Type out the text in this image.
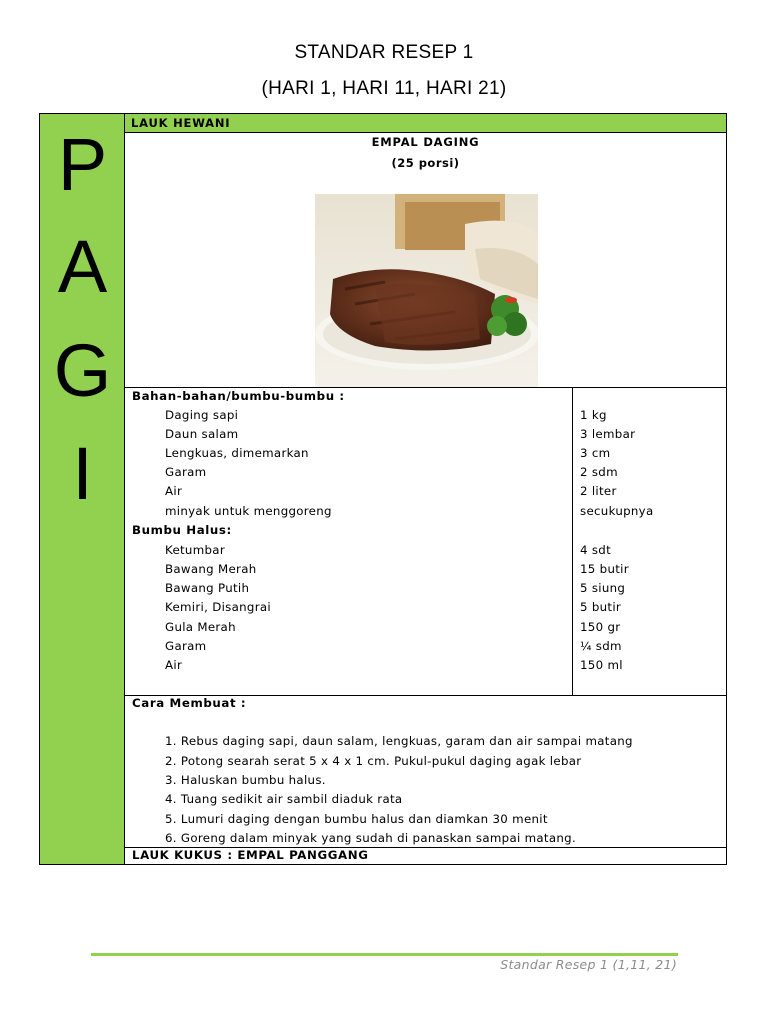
STANDAR RESEP 1
(HARI 1, HARI 11, HARI 21)
P
A
G
I
LAUK HEWANI
EMPAL DAGING
(25 porsi)
Bahan-bahan/bumbu-bumbu :
Daging sapi	1 kg
Daun salam	3 lembar
Lengkuas, dimemarkan	3 cm
Garam	2 sdm
Air	2 liter
minyak untuk menggoreng	secukupnya
Bumbu Halus:
Ketumbar	4 sdt
Bawang Merah	15 butir
Bawang Putih	5 siung
Kemiri, Disangrai	5 butir
Gula Merah	150 gr
Garam	¼ sdm
Air	150 ml
Cara Membuat :
1. Rebus daging sapi, daun salam, lengkuas, garam dan air sampai matang
2. Potong searah serat 5 x 4 x 1 cm. Pukul-pukul daging agak lebar
3. Haluskan bumbu halus.
4. Tuang sedikit air sambil diaduk rata
5. Lumuri daging dengan bumbu halus dan diamkan 30 menit
6. Goreng dalam minyak yang sudah di panaskan sampai matang.
LAUK KUKUS : EMPAL PANGGANG
Standar Resep 1 (1,11, 21)
